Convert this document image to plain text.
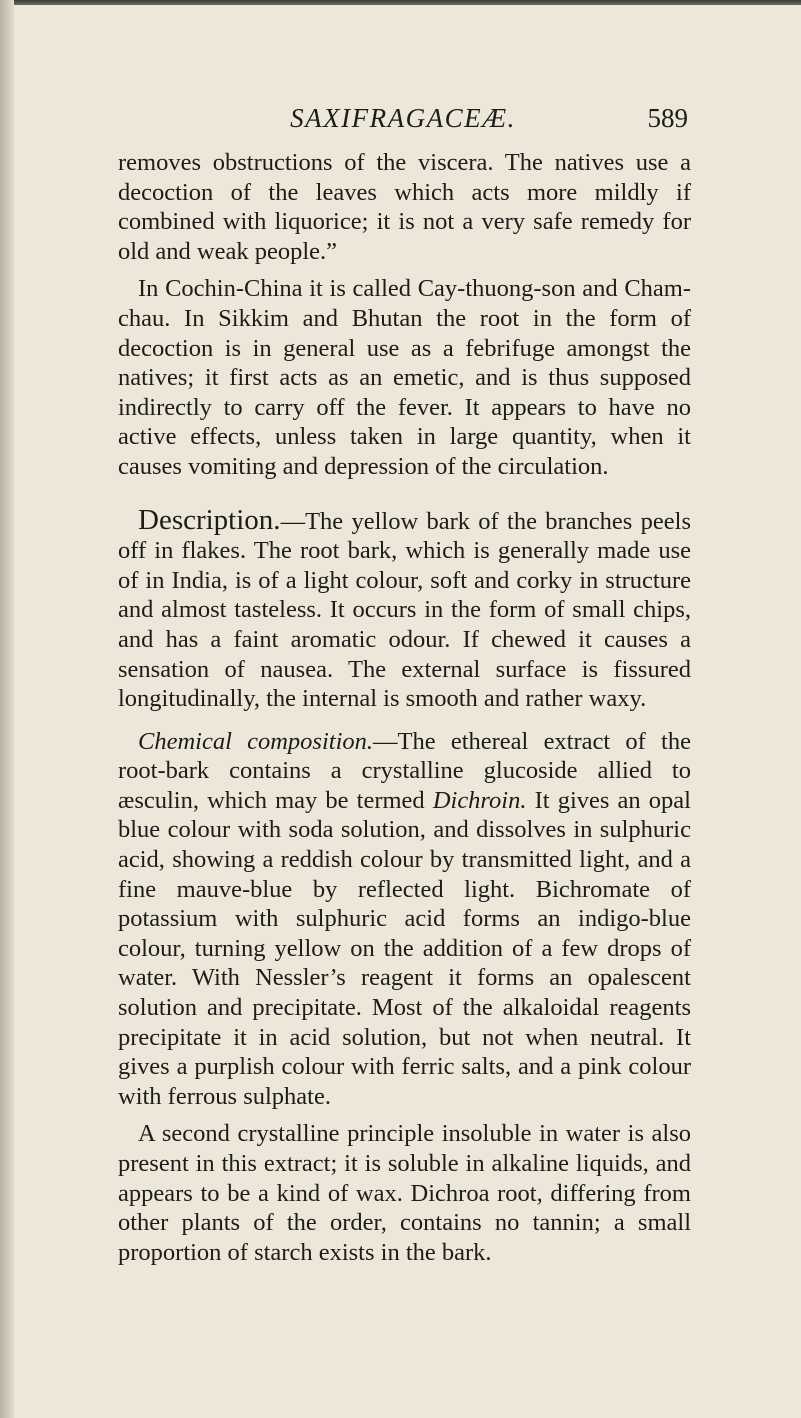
SAXIFRAGACEÆ.	589

removes obstructions of the viscera. The natives use a decoction of the leaves which acts more mildly if combined with liquorice; it is not a very safe remedy for old and weak people.”

In Cochin-China it is called Cay-thuong-son and Cham-chau. In Sikkim and Bhutan the root in the form of decoction is in general use as a febrifuge amongst the natives; it first acts as an emetic, and is thus supposed indirectly to carry off the fever. It appears to have no active effects, unless taken in large quantity, when it causes vomiting and depression of the circulation.

Description.—The yellow bark of the branches peels off in flakes. The root bark, which is generally made use of in India, is of a light colour, soft and corky in structure and almost tasteless. It occurs in the form of small chips, and has a faint aromatic odour. If chewed it causes a sensation of nausea. The external surface is fissured longitudinally, the internal is smooth and rather waxy.

Chemical composition.—The ethereal extract of the root-bark contains a crystalline glucoside allied to æsculin, which may be termed Dichroin. It gives an opal blue colour with soda solution, and dissolves in sulphuric acid, showing a reddish colour by transmitted light, and a fine mauve-blue by reflected light. Bichromate of potassium with sulphuric acid forms an indigo-blue colour, turning yellow on the addition of a few drops of water. With Nessler’s reagent it forms an opalescent solution and precipitate. Most of the alkaloidal reagents precipitate it in acid solution, but not when neutral. It gives a purplish colour with ferric salts, and a pink colour with ferrous sulphate.

A second crystalline principle insoluble in water is also present in this extract; it is soluble in alkaline liquids, and appears to be a kind of wax. Dichroa root, differing from other plants of the order, contains no tannin; a small proportion of starch exists in the bark.
